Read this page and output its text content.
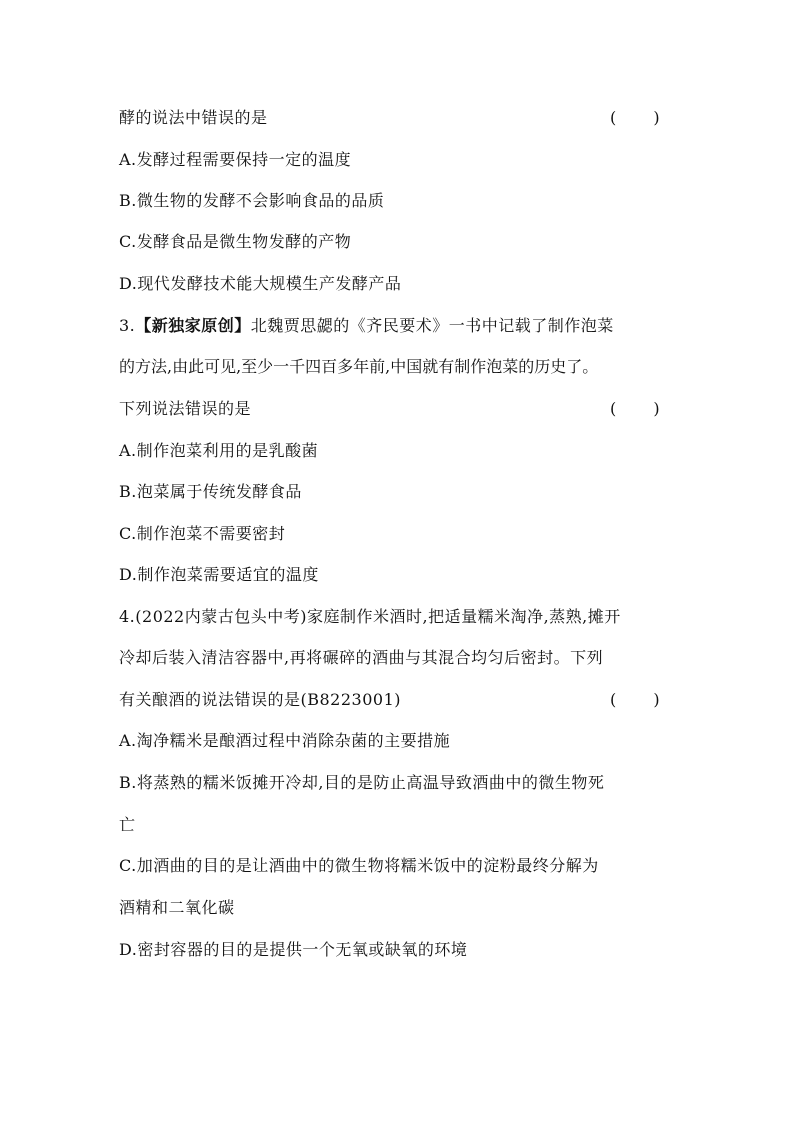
酵的说法中错误的是	(　 　)
A.发酵过程需要保持一定的温度
B.微生物的发酵不会影响食品的品质
C.发酵食品是微生物发酵的产物
D.现代发酵技术能大规模生产发酵产品
3.【新独家原创】北魏贾思勰的《齐民要术》一书中记载了制作泡菜
的方法,由此可见,至少一千四百多年前,中国就有制作泡菜的历史了。
下列说法错误的是	(　 　)
A.制作泡菜利用的是乳酸菌
B.泡菜属于传统发酵食品
C.制作泡菜不需要密封
D.制作泡菜需要适宜的温度
4.(2022内蒙古包头中考)家庭制作米酒时,把适量糯米淘净,蒸熟,摊开
冷却后装入清洁容器中,再将碾碎的酒曲与其混合均匀后密封。下列
有关酿酒的说法错误的是(B8223001)	(　 　)
A.淘净糯米是酿酒过程中消除杂菌的主要措施
B.将蒸熟的糯米饭摊开冷却,目的是防止高温导致酒曲中的微生物死
亡
C.加酒曲的目的是让酒曲中的微生物将糯米饭中的淀粉最终分解为
酒精和二氧化碳
D.密封容器的目的是提供一个无氧或缺氧的环境
